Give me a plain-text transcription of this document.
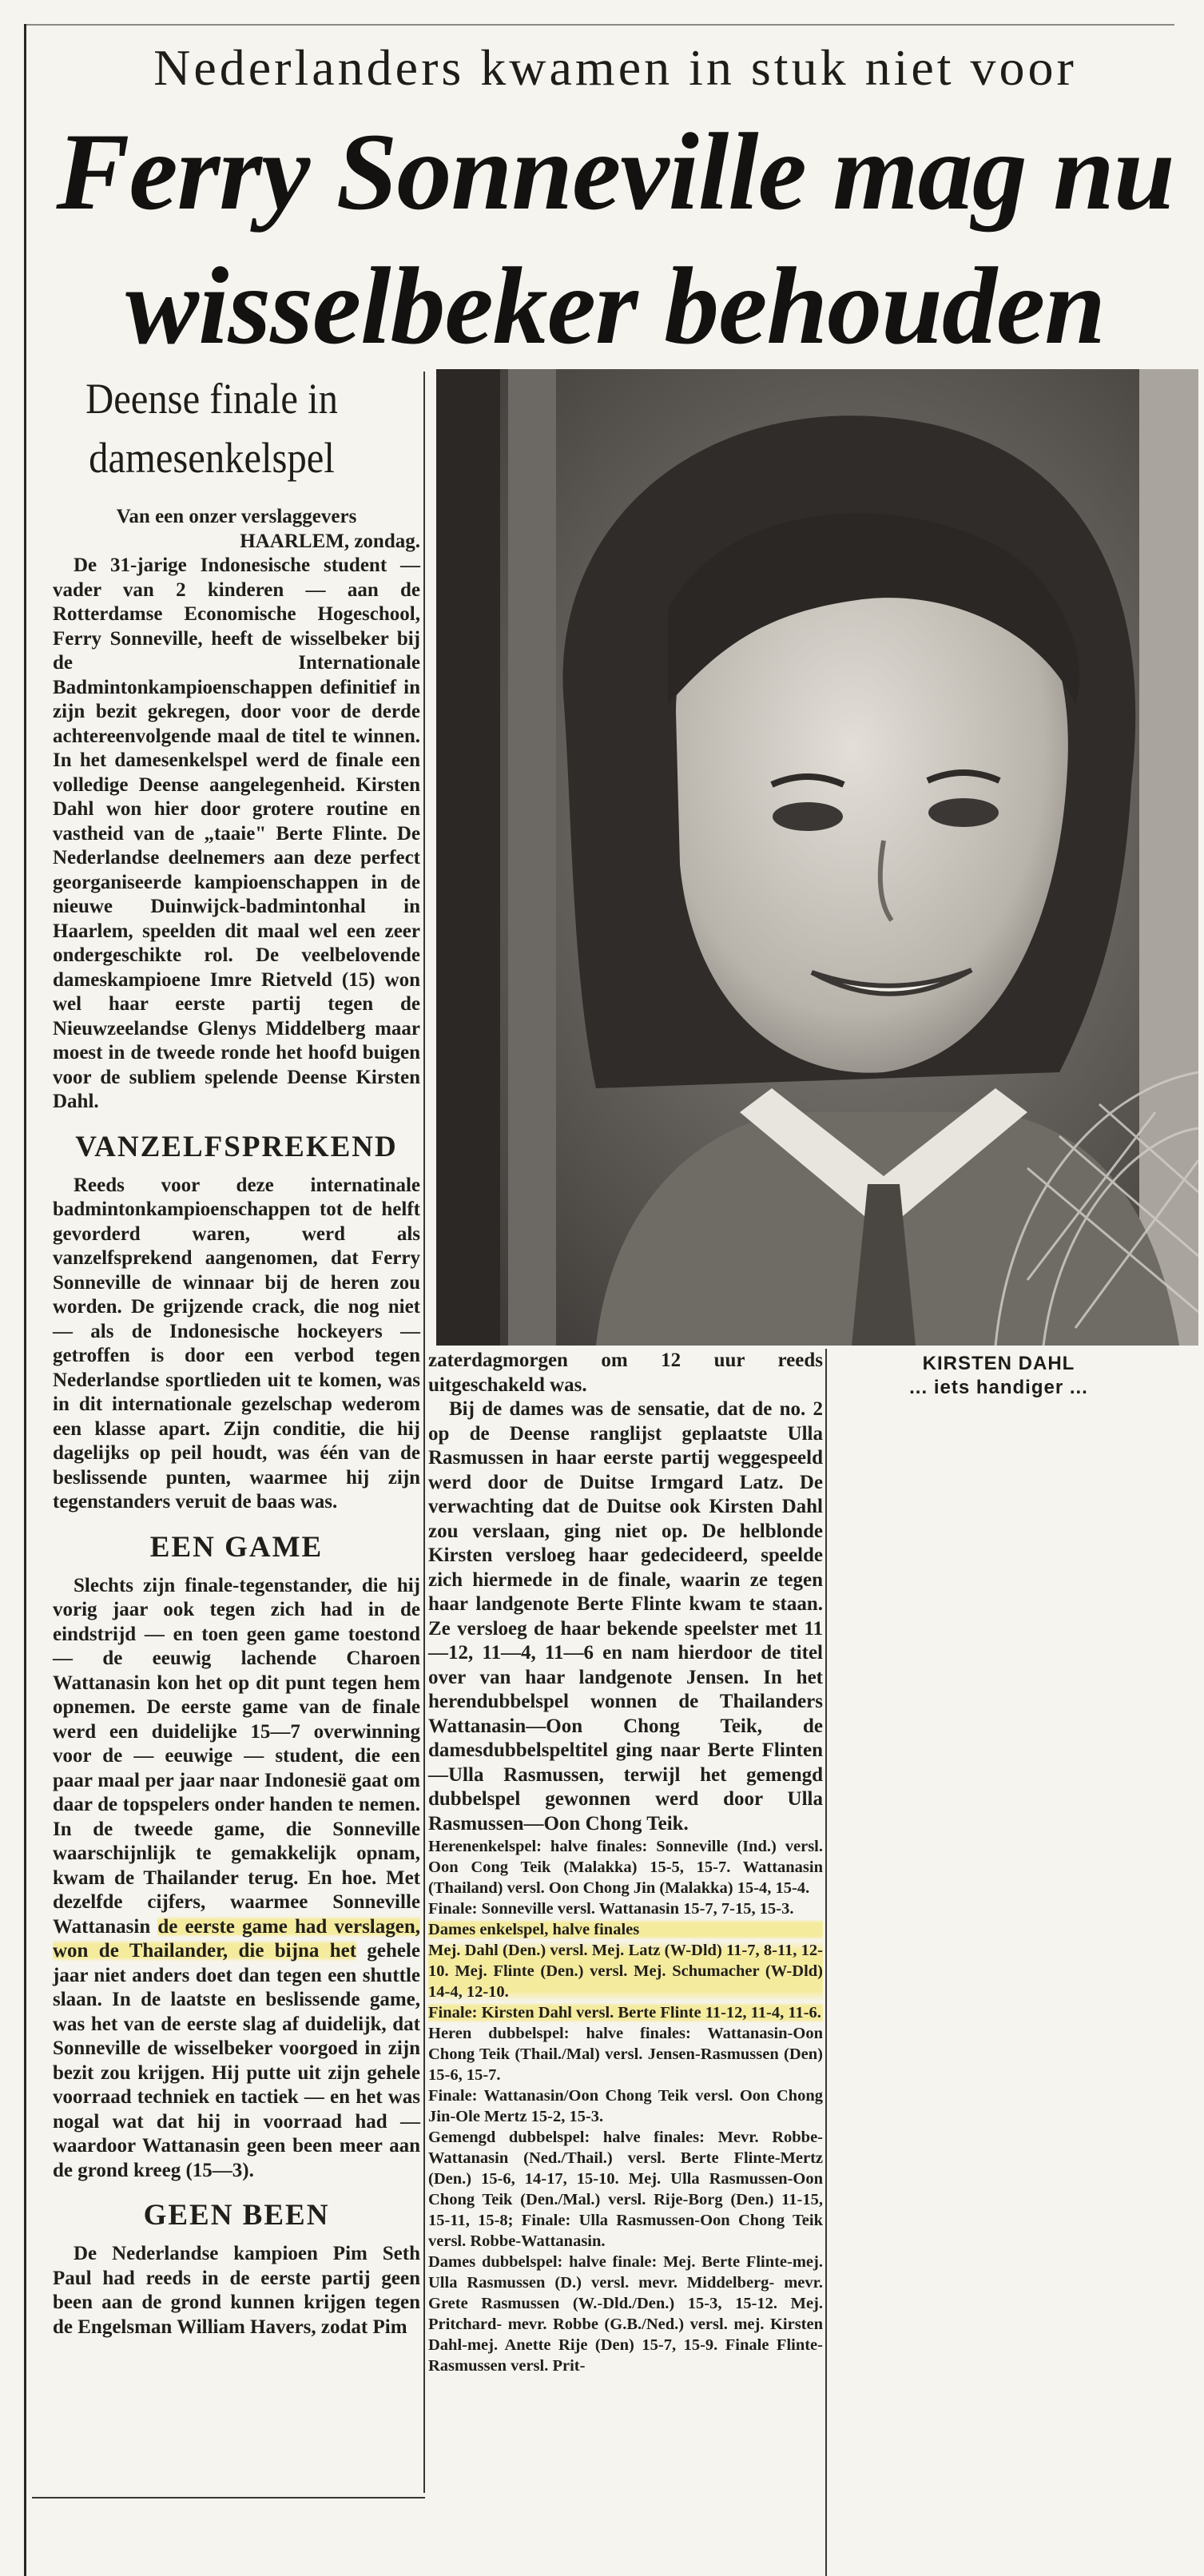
Nederlanders kwamen in stuk niet voor
Ferry Sonneville mag nu
wisselbeker behouden
Deense finale in damesenkelspel

Van een onzer verslaggevers

HAARLEM, zondag.

De 31-jarige Indonesische student — vader van 2 kinderen — aan de Rotterdamse Economische Hogeschool, Ferry Sonneville, heeft de wisselbeker bij de Internationale Badmintonkampioenschappen definitief in zijn bezit gekregen, door voor de derde achtereenvolgende maal de titel te winnen. In het damesenkelspel werd de finale een volledige Deense aangelegenheid. Kirsten Dahl won hier door grotere routine en vastheid van de „taaie" Berte Flinte. De Nederlandse deelnemers aan deze perfect georganiseerde kampioenschappen in de nieuwe Duinwijck-badmintonhal in Haarlem, speelden dit maal wel een zeer ondergeschikte rol. De veelbelovende dameskampioene Imre Rietveld (15) won wel haar eerste partij tegen de Nieuwzeelandse Glenys Middelberg maar moest in de tweede ronde het hoofd buigen voor de subliem spelende Deense Kirsten Dahl.

VANZELFSPREKEND

Reeds voor deze internatinale badmintonkampioenschappen tot de helft gevorderd waren, werd als vanzelfsprekend aangenomen, dat Ferry Sonneville de winnaar bij de heren zou worden. De grijzende crack, die nog niet — als de Indonesische hockeyers — getroffen is door een verbod tegen Nederlandse sportlieden uit te komen, was in dit internationale gezelschap wederom een klasse apart. Zijn conditie, die hij dagelijks op peil houdt, was één van de beslissende punten, waarmee hij zijn tegenstanders veruit de baas was.

EEN GAME

Slechts zijn finale-tegenstander, die hij vorig jaar ook tegen zich had in de eindstrijd — en toen geen game toestond — de eeuwig lachende Charoen Wattanasin kon het op dit punt tegen hem opnemen. De eerste game van de finale werd een duidelijke 15—7 overwinning voor de — eeuwige — student, die een paar maal per jaar naar Indonesië gaat om daar de topspelers onder handen te nemen. In de tweede game, die Sonneville waarschijnlijk te gemakkelijk opnam, kwam de Thailander terug. En hoe. Met dezelfde cijfers, waarmee Sonneville Wattanasin de eerste game had verslagen, won de Thailander, die bijna het gehele jaar niet anders doet dan tegen een shuttle slaan. In de laatste en beslissende game, was het van de eerste slag af duidelijk, dat Sonneville de wisselbeker voorgoed in zijn bezit zou krijgen. Hij putte uit zijn gehele voorraad techniek en tactiek — en het was nogal wat dat hij in voorraad had — waardoor Wattanasin geen been meer aan de grond kreeg (15—3).

GEEN BEEN

De Nederlandse kampioen Pim Seth Paul had reeds in de eerste partij geen been aan de grond kunnen krijgen tegen de Engelsman William Havers, zodat Pim

KIRSTEN DAHL
... iets handiger ...

zaterdagmorgen om 12 uur reeds uitgeschakeld was.

Bij de dames was de sensatie, dat de no. 2 op de Deense ranglijst geplaatste Ulla Rasmussen in haar eerste partij weggespeeld werd door de Duitse Irmgard Latz. De verwachting dat de Duitse ook Kirsten Dahl zou verslaan, ging niet op. De helblonde Kirsten versloeg haar gedecideerd, speelde zich hiermede in de finale, waarin ze tegen haar landgenote Berte Flinte kwam te staan. Ze versloeg de haar bekende speelster met 11—12, 11—4, 11—6 en nam hierdoor de titel over van haar landgenote Jensen. In het herendubbelspel wonnen de Thailanders Wattanasin—Oon Chong Teik, de damesdubbelspeltitel ging naar Berte Flinten—Ulla Rasmussen, terwijl het gemengd dubbelspel gewonnen werd door Ulla Rasmussen—Oon Chong Teik.

Herenenkelspel: halve finales: Sonneville (Ind.) versl. Oon Cong Teik (Malakka) 15-5, 15-7. Wattanasin (Thailand) versl. Oon Chong Jin (Malakka) 15-4, 15-4.

Finale: Sonneville versl. Wattanasin 15-7, 7-15, 15-3.

Dames enkelspel, halve finales

Mej. Dahl (Den.) versl. Mej. Latz (W-Dld) 11-7, 8-11, 12-10. Mej. Flinte (Den.) versl. Mej. Schumacher (W-Dld) 14-4, 12-10.

Finale: Kirsten Dahl versl. Berte Flinte 11-12, 11-4, 11-6.

Heren dubbelspel: halve finales: Wattanasin-Oon Chong Teik (Thail./Mal) versl. Jensen-Rasmussen (Den) 15-6, 15-7.

Finale: Wattanasin/Oon Chong Teik versl. Oon Chong Jin-Ole Mertz 15-2, 15-3.

Gemengd dubbelspel: halve finales: Mevr. Robbe-Wattanasin (Ned./Thail.) versl. Berte Flinte-Mertz (Den.) 15-6, 14-17, 15-10. Mej. Ulla Rasmussen-Oon Chong Teik (Den./Mal.) versl. Rije-Borg (Den.) 11-15, 15-11, 15-8; Finale: Ulla Rasmussen-Oon Chong Teik versl. Robbe-Wattanasin.

Dames dubbelspel: halve finale: Mej. Berte Flinte-mej. Ulla Rasmussen (D.) versl. mevr. Middelberg- mevr. Grete Rasmussen (W.-Dld./Den.) 15-3, 15-12. Mej. Pritchard- mevr. Robbe (G.B./Ned.) versl. mej. Kirsten Dahl-mej. Anette Rije (Den) 15-7, 15-9. Finale Flinte-Rasmussen versl. Prit-
